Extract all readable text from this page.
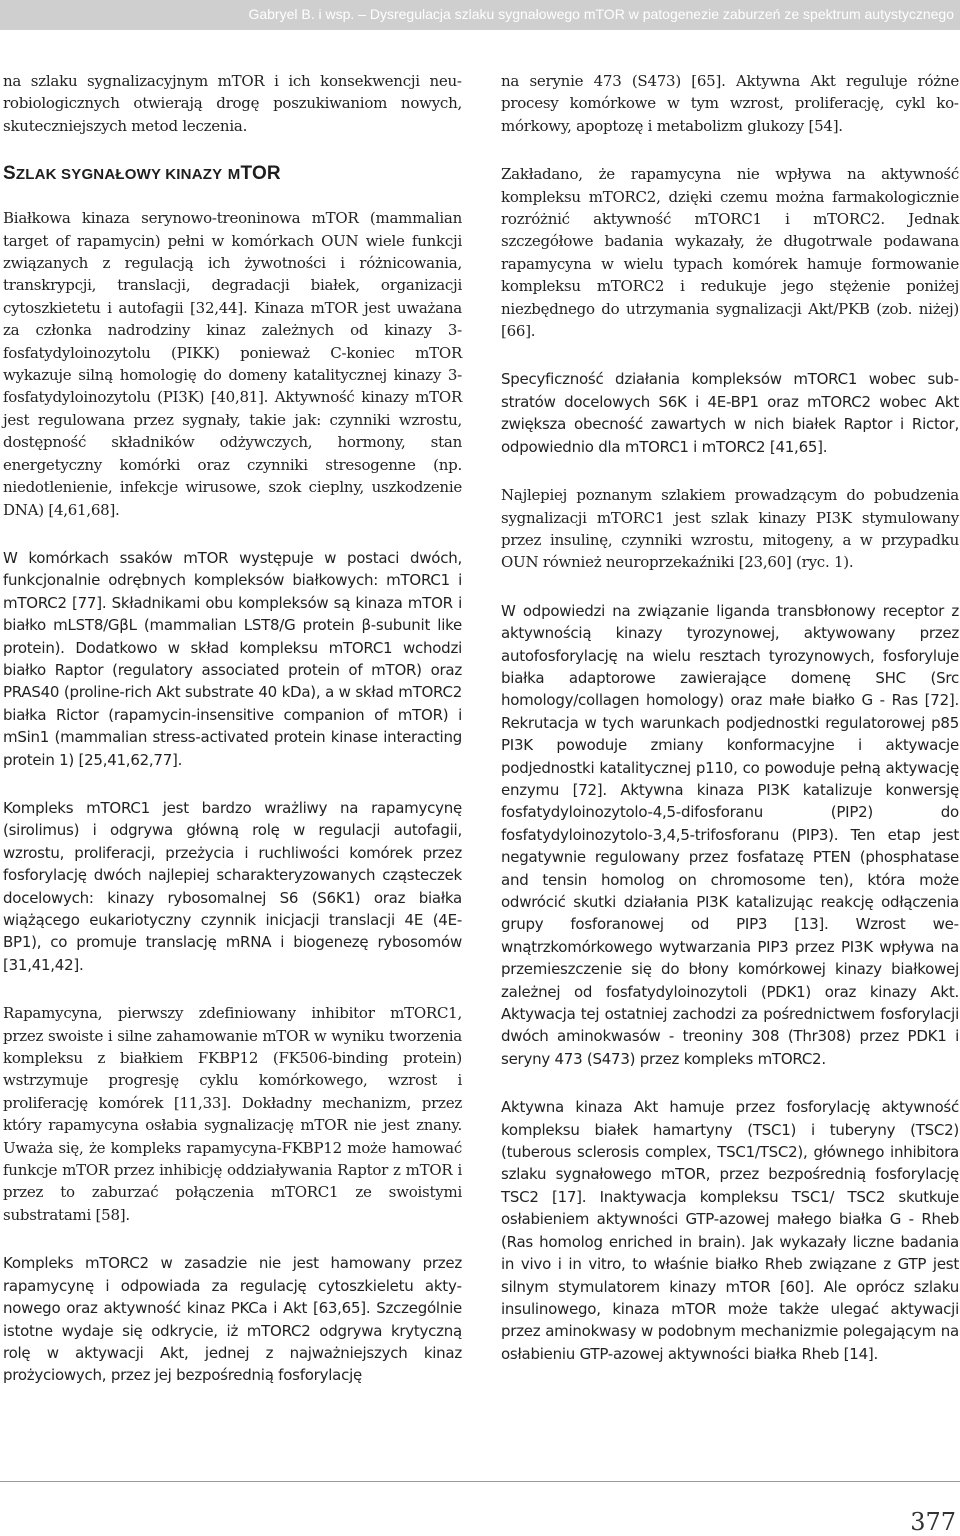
Gabryel B. i wsp. – Dysregulacja szlaku sygnałowego mTOR w patogenezie zaburzeń ze spektrum autystycznego

na szlaku sygnalizacyjnym mTOR i ich konsekwencji neurobiologicznych otwierają drogę poszukiwaniom nowych, skuteczniejszych metod leczenia.

SZLAK SYGNAŁOWY KINAZY MTOR

Białkowa kinaza serynowo-treoninowa mTOR (mammalian target of rapamycin) pełni w komórkach OUN wiele funkcji związanych z regulacją ich żywotności i różnicowania, transkrypcji, translacji, degradacji białek, organizacji cytoszkietetu i autofagii [32,44]. Kinaza mTOR jest uważana za członka nadrodziny kinaz zależnych od kinazy 3-fosfatydyloinozytolu (PIKK) ponieważ C-koniec mTOR wykazuje silną homologię do domeny katalitycznej kinazy 3-fosfatydyloinozytolu (PI3K) [40,81]. Aktywność kinazy mTOR jest regulowana przez sygnały, takie jak: czynniki wzrostu, dostępność składników odżywczych, hormony, stan energetyczny komórki oraz czynniki stresogenne (np. niedotlenienie, infekcje wirusowe, szok cieplny, uszkodzenie DNA) [4,61,68].

W komórkach ssaków mTOR występuje w postaci dwóch, funkcjonalnie odrębnych kompleksów białkowych: mTORC1 i mTORC2 [77]. Składnikami obu kompleksów są kinaza mTOR i białko mLST8/GβL (mammalian LST8/G protein β-subunit like protein). Dodatkowo w skład kompleksu mTORC1 wchodzi białko Raptor (regulatory associated protein of mTOR) oraz PRAS40 (proline-rich Akt substrate 40 kDa), a w skład mTORC2 białka Rictor (rapamycin-insensitive companion of mTOR) i mSin1 (mammalian stress-activated protein kinase interacting protein 1) [25,41,62,77].

Kompleks mTORC1 jest bardzo wrażliwy na rapamycynę (sirolimus) i odgrywa główną rolę w regulacji autofagii, wzrostu, proliferacji, przeżycia i ruchliwości komórek przez fosforylację dwóch najlepiej scharakteryzowanych cząsteczek docelowych: kinazy rybosomalnej S6 (S6K1) oraz białka wiążącego eukariotyczny czynnik inicjacji translacji 4E (4E-BP1), co promuje translację mRNA i biogenezę rybosomów [31,41,42].

Rapamycyna, pierwszy zdefiniowany inhibitor mTORC1, przez swoiste i silne zahamowanie mTOR w wyniku tworzenia kompleksu z białkiem FKBP12 (FK506-binding protein) wstrzymuje progresję cyklu komórkowego, wzrost i proliferację komórek [11,33]. Dokładny mechanizm, przez który rapamycyna osłabia sygnalizację mTOR nie jest znany. Uważa się, że kompleks rapamycyna-FKBP12 może hamować funkcje mTOR przez inhibicję oddziaływania Raptor z mTOR i przez to zaburzać połączenia mTORC1 ze swoistymi substratami [58].

Kompleks mTORC2 w zasadzie nie jest hamowany przez rapamycynę i odpowiada za regulację cytoszkieletu aktynowego oraz aktywność kinaz PKCa i Akt [63,65]. Szczególnie istotne wydaje się odkrycie, iż mTORC2 odgrywa krytyczną rolę w aktywacji Akt, jednej z najważniejszych kinaz prożyciowych, przez jej bezpośrednią fosforylację

na serynie 473 (S473) [65]. Aktywna Akt reguluje różne procesy komórkowe w tym wzrost, proliferację, cykl komórkowy, apoptozę i metabolizm glukozy [54].

Zakładano, że rapamycyna nie wpływa na aktywność kompleksu mTORC2, dzięki czemu można farmakologicznie rozróżnić aktywność mTORC1 i mTORC2. Jednak szczegółowe badania wykazały, że długotrwale podawana rapamycyna w wielu typach komórek hamuje formowanie kompleksu mTORC2 i redukuje jego stężenie poniżej niezbędnego do utrzymania sygnalizacji Akt/PKB (zob. niżej) [66].

Specyficzność działania kompleksów mTORC1 wobec substratów docelowych S6K i 4E-BP1 oraz mTORC2 wobec Akt zwiększa obecność zawartych w nich białek Raptor i Rictor, odpowiednio dla mTORC1 i mTORC2 [41,65].

Najlepiej poznanym szlakiem prowadzącym do pobudzenia sygnalizacji mTORC1 jest szlak kinazy PI3K stymulowany przez insulinę, czynniki wzrostu, mitogeny, a w przypadku OUN również neuroprzekaźniki [23,60] (ryc. 1).

W odpowiedzi na związanie liganda transbłonowy receptor z aktywnością kinazy tyrozynowej, aktywowany przez autofosforylację na wielu resztach tyrozynowych, fosforyluje białka adaptorowe zawierające domenę SHC (Src homology/collagen homology) oraz małe białko G - Ras [72]. Rekrutacja w tych warunkach podjednostki regulatorowej p85 PI3K powoduje zmiany konformacyjne i aktywacje podjednostki katalitycznej p110, co powoduje pełną aktywację enzymu [72]. Aktywna kinaza PI3K katalizuje konwersję fosfatydyloinozytolo-4,5-difosforanu (PIP2) do fosfatydyloinozytolo-3,4,5-trifosforanu (PIP3). Ten etap jest negatywnie regulowany przez fosfatazę PTEN (phosphatase and tensin homolog on chromosome ten), która może odwrócić skutki działania PI3K katalizując reakcję odłączenia grupy fosforanowej od PIP3 [13]. Wzrost wewnątrzkomórkowego wytwarzania PIP3 przez PI3K wpływa na przemieszczenie się do błony komórkowej kinazy białkowej zależnej od fosfatydyloinozytoli (PDK1) oraz kinazy Akt. Aktywacja tej ostatniej zachodzi za pośrednictwem fosforylacji dwóch aminokwasów - treoniny 308 (Thr308) przez PDK1 i seryny 473 (S473) przez kompleks mTORC2.

Aktywna kinaza Akt hamuje przez fosforylację aktywność kompleksu białek hamartyny (TSC1) i tuberyny (TSC2) (tuberous sclerosis complex, TSC1/TSC2), głównego inhibitora szlaku sygnałowego mTOR, przez bezpośrednią fosforylację TSC2 [17]. Inaktywacja kompleksu TSC1/ TSC2 skutkuje osłabieniem aktywności GTP-azowej małego białka G - Rheb (Ras homolog enriched in brain). Jak wykazały liczne badania in vivo i in vitro, to właśnie białko Rheb związane z GTP jest silnym stymulatorem kinazy mTOR [60]. Ale oprócz szlaku insulinowego, kinaza mTOR może także ulegać aktywacji przez aminokwasy w podobnym mechanizmie polegającym na osłabieniu GTP-azowej aktywności białka Rheb [14].

377
